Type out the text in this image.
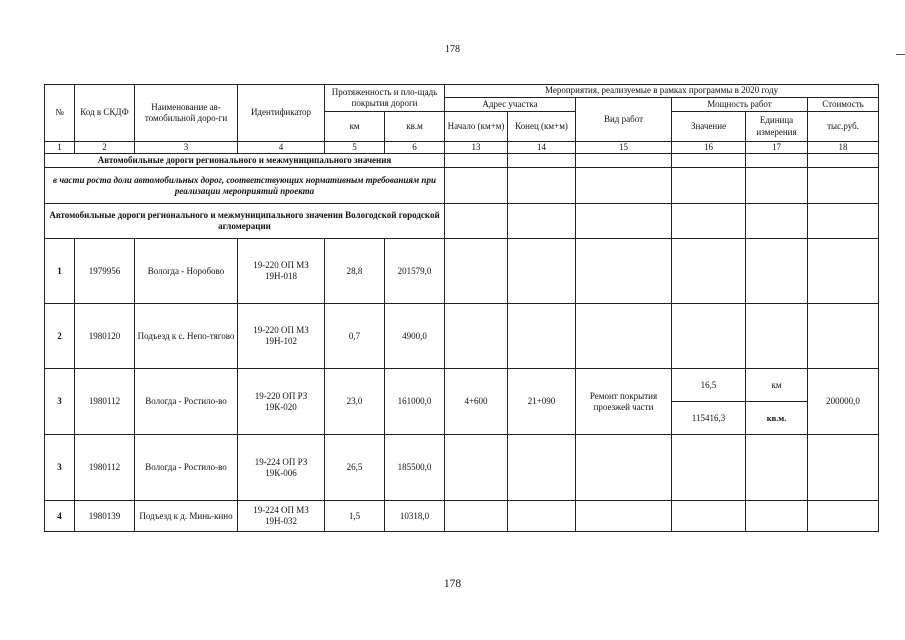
178
№	Код в СКДФ	Наименование ав-томобильной доро-ги	Идентификатор	Протяженность и пло-щадь покрытия дороги		Мероприятия, реализуемые в рамках программы в 2020 году					
						Адрес участка		Вид работ	Мощность работ		Стоимость
				км	кв.м	Начало (км+м)	Конец (км+м)		Значение	Единица измерения	тыс.руб.
1	2	3	4	5	6	13	14	15	16	17	18
Автомобильные дороги регионального и межмуниципального значения											
в части роста доли автомобильных дорог, соответствующих нормативным требованиям при реализации мероприятий проекта											
Автомобильные дороги регионального и межмуниципального значения Вологодской городской агломерации											
1	1979956	Вологда - Норобово	19-220 ОП МЗ 19Н-018	28,8	201579,0						
2	1980120	Подъезд к с. Непо-тягово	19-220 ОП МЗ 19Н-102	0,7	4900,0						
3	1980112	Вологда - Ростило-во	19-220 ОП РЗ 19К-020	23,0	161000,0	4+600	21+090	Ремонт покрытия проезжей части	16,5	км	200000,0
									115416,3	кв.м.	
3	1980112	Вологда - Ростило-во	19-224 ОП РЗ 19К-006	26,5	185500,0						
4	1980139	Подъезд к д. Минь-кино	19-224 ОП МЗ 19Н-032	1,5	10318,0						
178
